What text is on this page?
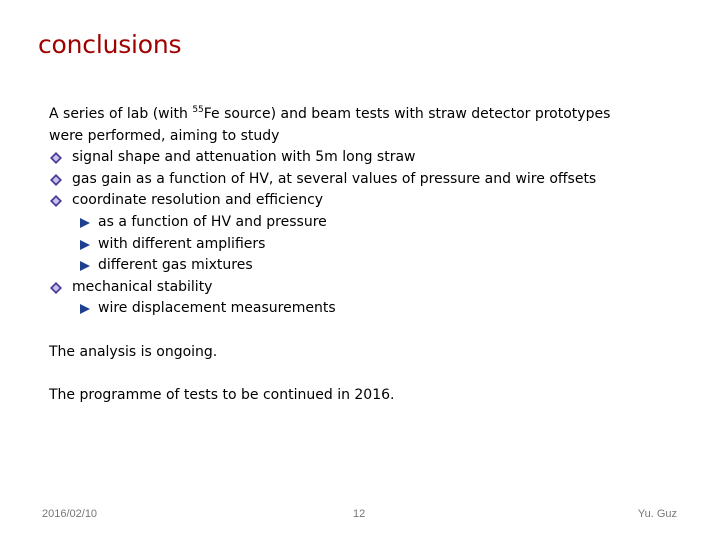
conclusions
A series of lab (with $^{55}$Fe source) and beam tests with straw detector prototypes
were performed, aiming to study
signal shape and attenuation with 5m long straw
gas gain as a function of HV, at several values of pressure and wire offsets
coordinate resolution and efficiency
as a function of HV and pressure
with different amplifiers
different gas mixtures
mechanical stability
wire displacement measurements
The analysis is ongoing.
The programme of tests to be continued in 2016.
2016/02/10	12	Yu. Guz
